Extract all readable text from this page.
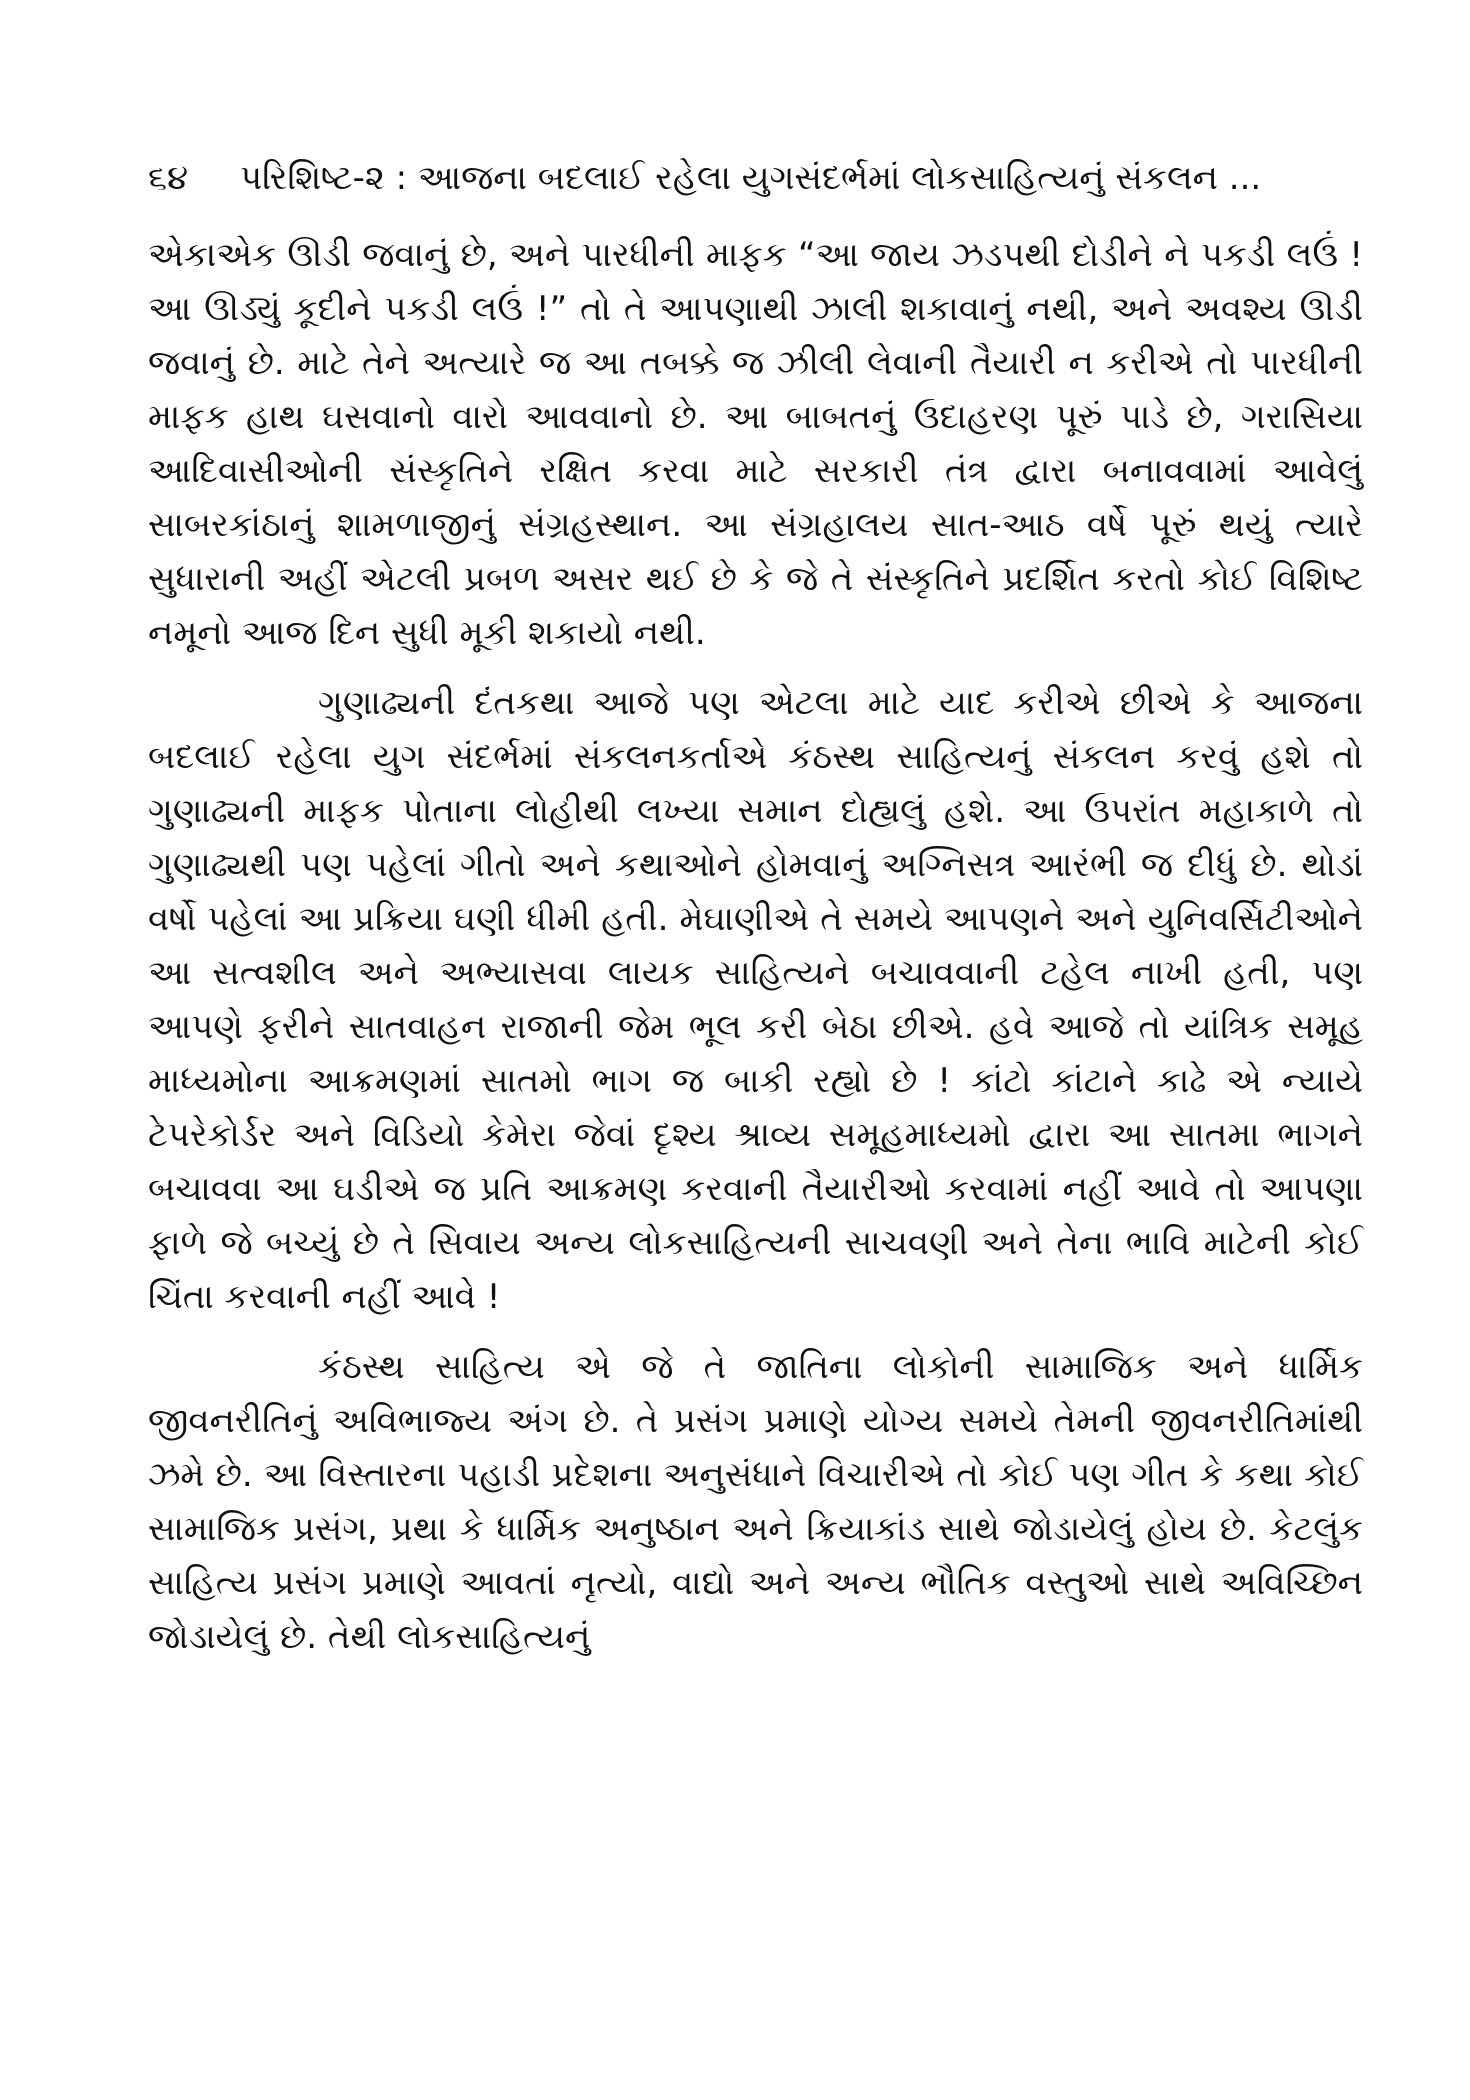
૬૪ પરિશિષ્ટ-૨ : આજના બદલાઈ રહેલા યુગસંદર્ભમાં લોકસાહિત્યનું સંકલન ...

એકાએક ઊડી જવાનું છે, અને પારધીની માફક “આ જાય ઝડપથી દોડીને ને પકડી લઉં ! આ ઊડ્યું કૂદીને પકડી લઉં !” તો તે આપણાથી ઝાલી શકાવાનું નથી, અને અવશ્ય ઊડી જવાનું છે. માટે તેને અત્યારે જ આ તબક્કે જ ઝીલી લેવાની તૈયારી ન કરીએ તો પારધીની માફક હાથ ઘસવાનો વારો આવવાનો છે. આ બાબતનું ઉદાહરણ પૂરું પાડે છે, ગરાસિયા આદિવાસીઓની સંસ્કૃતિને રક્ષિત કરવા માટે સરકારી તંત્ર દ્વારા બનાવવામાં આવેલું સાબરકાંઠાનું શામળાજીનું સંગ્રહસ્થાન. આ સંગ્રહાલય સાત-આઠ વર્ષે પૂરું થયું ત્યારે સુધારાની અહીં એટલી પ્રબળ અસર થઈ છે કે જે તે સંસ્કૃતિને પ્રદર્શિત કરતો કોઈ વિશિષ્ટ નમૂનો આજ દિન સુધી મૂકી શકાયો નથી.

ગુણાઢ્યની દંતકથા આજે પણ એટલા માટે યાદ કરીએ છીએ કે આજના બદલાઈ રહેલા યુગ સંદર્ભમાં સંકલનકર્તાએ કંઠસ્થ સાહિત્યનું સંકલન કરવું હશે તો ગુણાઢ્યની માફક પોતાના લોહીથી લખ્યા સમાન દોહ્યલું હશે. આ ઉપરાંત મહાકાળે તો ગુણાઢ્યથી પણ પહેલાં ગીતો અને કથાઓને હોમવાનું અગ્નિસત્ર આરંભી જ દીધું છે. થોડાં વર્ષો પહેલાં આ પ્રક્રિયા ઘણી ધીમી હતી. મેઘાણીએ તે સમયે આપણને અને યુનિવર્સિટીઓને આ સત્વશીલ અને અભ્યાસવા લાયક સાહિત્યને બચાવવાની ટહેલ નાખી હતી, પણ આપણે ફરીને સાતવાહન રાજાની જેમ ભૂલ કરી બેઠા છીએ. હવે આજે તો યાંત્રિક સમૂહ માધ્યમોના આક્રમણમાં સાતમો ભાગ જ બાકી રહ્યો છે ! કાંટો કાંટાને કાઢે એ ન્યાયે ટેપરેકોર્ડર અને વિડિયો કેમેરા જેવાં દૃશ્ય શ્રાવ્ય સમૂહમાધ્યમો દ્વારા આ સાતમા ભાગને બચાવવા આ ઘડીએ જ પ્રતિ આક્રમણ કરવાની તૈયારીઓ કરવામાં નહીં આવે તો આપણા ફાળે જે બચ્યું છે તે સિવાય અન્ય લોકસાહિત્યની સાચવણી અને તેના ભાવિ માટેની કોઈ ચિંતા કરવાની નહીં આવે !

કંઠસ્થ સાહિત્ય એ જે તે જાતિના લોકોની સામાજિક અને ધાર્મિક જીવનરીતિનું અવિભાજ્ય અંગ છે. તે પ્રસંગ પ્રમાણે યોગ્ય સમયે તેમની જીવનરીતિમાંથી ઝમે છે. આ વિસ્તારના પહાડી પ્રદેશના અનુસંધાને વિચારીએ તો કોઈ પણ ગીત કે કથા કોઈ સામાજિક પ્રસંગ, પ્રથા કે ધાર્મિક અનુષ્ઠાન અને ક્રિયાકાંડ સાથે જોડાયેલું હોય છે. કેટલુંક સાહિત્ય પ્રસંગ પ્રમાણે આવતાં નૃત્યો, વાદ્યો અને અન્ય ભૌતિક વસ્તુઓ સાથે અવિચ્છિન જોડાયેલું છે. તેથી લોકસાહિત્યનું
